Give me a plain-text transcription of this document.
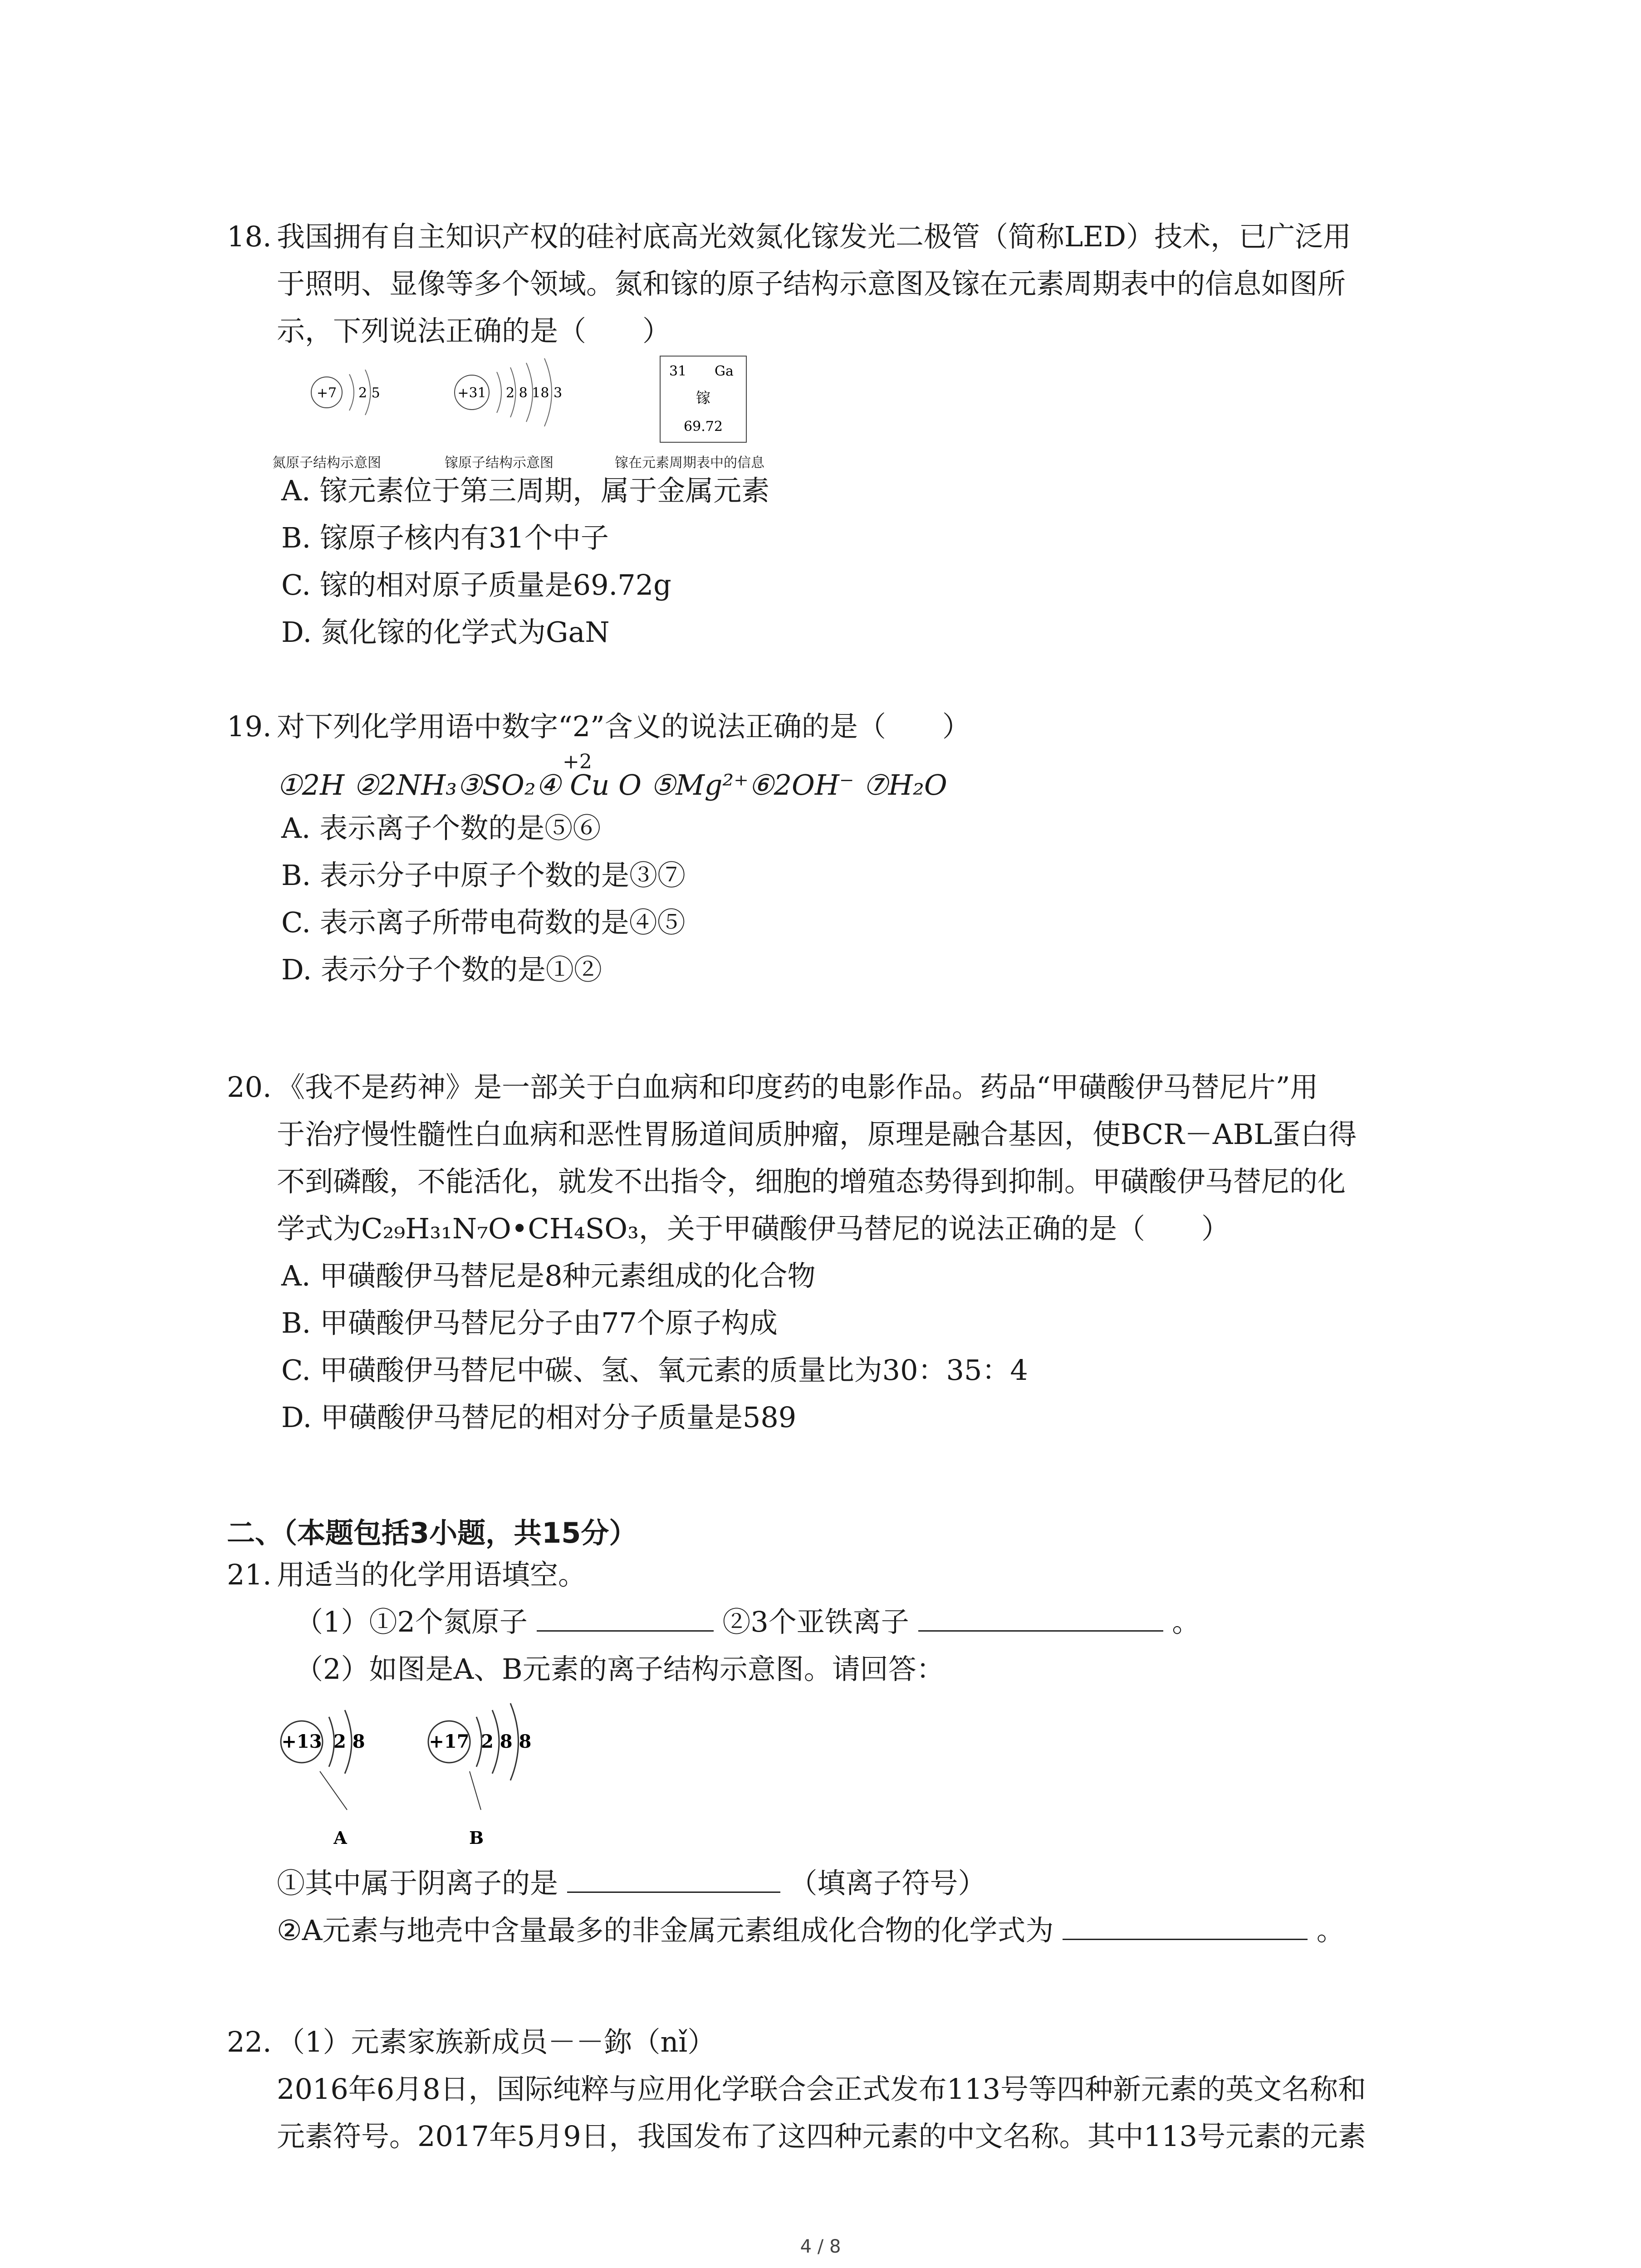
18. 我国拥有自主知识产权的硅衬底高光效氮化镓发光二极管（简称LED）技术，已广泛用
于照明、显像等多个领域。氮和镓的原子结构示意图及镓在元素周期表中的信息如图所
示，下列说法正确的是（　　）
+7 2 5	+31 2 8 18 3
31 Ga
镓
69.72
氮原子结构示意图	镓原子结构示意图	镓在元素周期表中的信息
A. 镓元素位于第三周期，属于金属元素
B. 镓原子核内有31个中子
C. 镓的相对原子质量是69.72g
D. 氮化镓的化学式为GaN
19. 对下列化学用语中数字“2”含义的说法正确的是（　　）
+2
①2H ②2NH₃③SO₂④ Cu O ⑤Mg²⁺⑥2OH⁻ ⑦H₂O
A. 表示离子个数的是⑤⑥
B. 表示分子中原子个数的是③⑦
C. 表示离子所带电荷数的是④⑤
D. 表示分子个数的是①②
20. 《我不是药神》是一部关于白血病和印度药的电影作品。药品“甲磺酸伊马替尼片”用
于治疗慢性髓性白血病和恶性胃肠道间质肿瘤，原理是融合基因，使BCR－ABL蛋白得
不到磷酸，不能活化，就发不出指令，细胞的增殖态势得到抑制。甲磺酸伊马替尼的化
学式为C₂₉H₃₁N₇O•CH₄SO₃，关于甲磺酸伊马替尼的说法正确的是（　　）
A. 甲磺酸伊马替尼是8种元素组成的化合物
B. 甲磺酸伊马替尼分子由77个原子构成
C. 甲磺酸伊马替尼中碳、氢、氧元素的质量比为30：35：4
D. 甲磺酸伊马替尼的相对分子质量是589
二、（本题包括3小题，共15分）
21. 用适当的化学用语填空。
（1）①2个氮原子	②3个亚铁离子	。
（2）如图是A、B元素的离子结构示意图。请回答：
+13 2 8
A
+17 2 8 8
B
①其中属于阴离子的是	（填离子符号）
②A元素与地壳中含量最多的非金属元素组成化合物的化学式为	。
22. （1）元素家族新成员－－鉨（nǐ）
2016年6月8日，国际纯粹与应用化学联合会正式发布113号等四种新元素的英文名称和
元素符号。2017年5月9日，我国发布了这四种元素的中文名称。其中113号元素的元素
4 / 8
